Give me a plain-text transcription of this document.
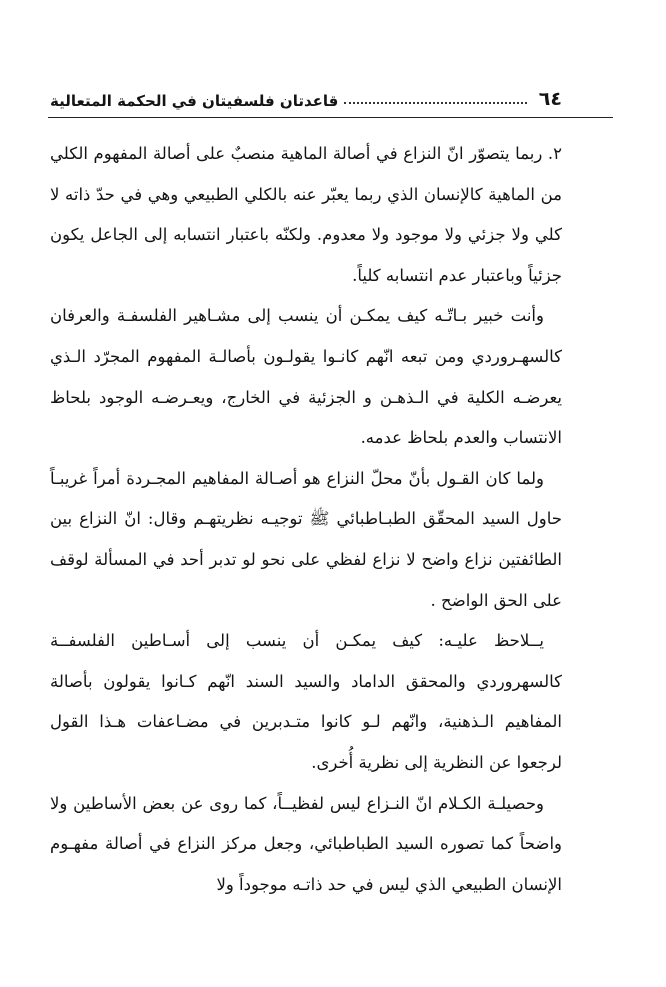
٦٤
قاعدتان فلسفيتان في الحكمة المتعالية

٢. ربما يتصوّر انّ النزاع في أصالة الماهية منصبٌ على أصالة المفهوم الكلي من الماهية كالإنسان الذي ربما يعبّر عنه بالكلي الطبيعي وهي في حدّ ذاته لا كلي ولا جزئي ولا موجود ولا معدوم. ولكنّه باعتبار انتسابه إلى الجاعل يكون جزئياً وباعتبار عدم انتسابه كلياً.

وأنت خبير بـاتّـه كيف يمكـن أن ينسب إلى مشـاهير الفلسفـة والعرفان كالسهـروردي ومن تبعه انّهم كانـوا يقولـون بأصالـة المفهوم المجرّد الـذي يعرضـه الكلية في الـذهـن و الجزئية في الخارج، ويعـرضـه الوجود بلحاظ الانتساب والعدم بلحاظ عدمه.

ولما كان القـول بأنّ محلّ النزاع هو أصـالة المفاهيم المجـردة أمراً غريبـاً حاول السيد المحقّق الطبـاطبائي ﷺ توجيـه نظريتهـم وقال: انّ النزاع بين الطائفتين نزاع واضح لا نزاع لفظي على نحو لو تدبر أحد في المسألة لوقف على الحق الواضح .

يــلاحظ عليـه: كيف يمكـن أن ينسب إلى أسـاطين الفلسفــة كالسهروردي والمحقق الداماد والسيد السند انّهم كـانوا يقولون بأصالة المفاهيم الـذهنية، وانّهم لـو كانوا متـدبرين في مضـاعفات هـذا القول لرجعوا عن النظرية إلى نظرية أُخرى.

وحصيلـة الكـلام انّ النـزاع ليس لفظيــاً، كما روى عن بعض الأساطين ولا واضحاً كما تصوره السيد الطباطبائي، وجعل مركز النزاع في أصالة مفهـوم الإنسان الطبيعي الذي ليس في حد ذاتـه موجوداً ولا
